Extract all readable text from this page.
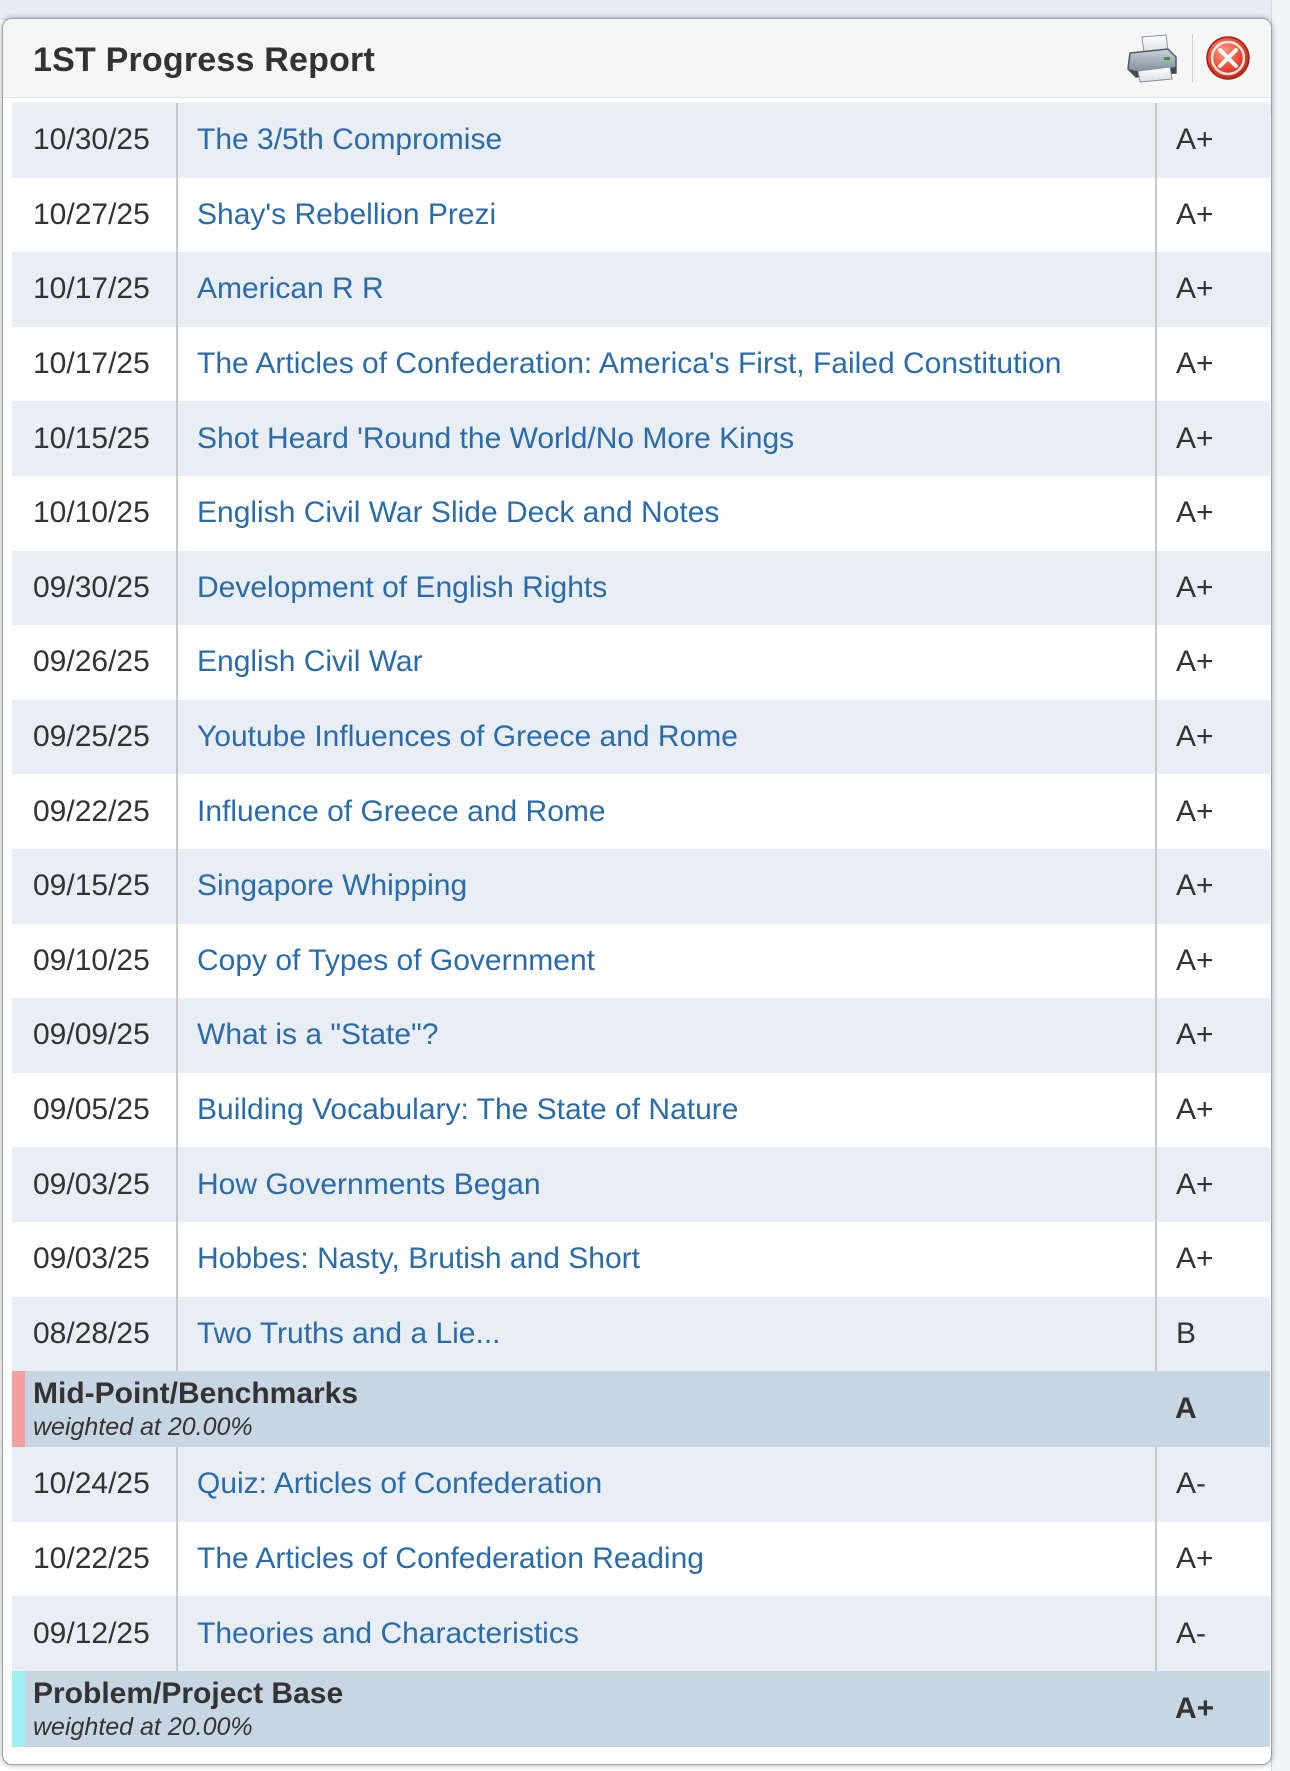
1ST Progress Report
10/30/25	The 3/5th Compromise	A+
10/27/25	Shay's Rebellion Prezi	A+
10/17/25	American R R	A+
10/17/25	The Articles of Confederation: America's First, Failed Constitution	A+
10/15/25	Shot Heard 'Round the World/No More Kings	A+
10/10/25	English Civil War Slide Deck and Notes	A+
09/30/25	Development of English Rights	A+
09/26/25	English Civil War	A+
09/25/25	Youtube Influences of Greece and Rome	A+
09/22/25	Influence of Greece and Rome	A+
09/15/25	Singapore Whipping	A+
09/10/25	Copy of Types of Government	A+
09/09/25	What is a "State"?	A+
09/05/25	Building Vocabulary: The State of Nature	A+
09/03/25	How Governments Began	A+
09/03/25	Hobbes: Nasty, Brutish and Short	A+
08/28/25	Two Truths and a Lie...	B

Mid-Point/Benchmarks
weighted at 20.00%		A
10/24/25	Quiz: Articles of Confederation	A-
10/22/25	The Articles of Confederation Reading	A+
09/12/25	Theories and Characteristics	A-

Problem/Project Base
weighted at 20.00%		A+
